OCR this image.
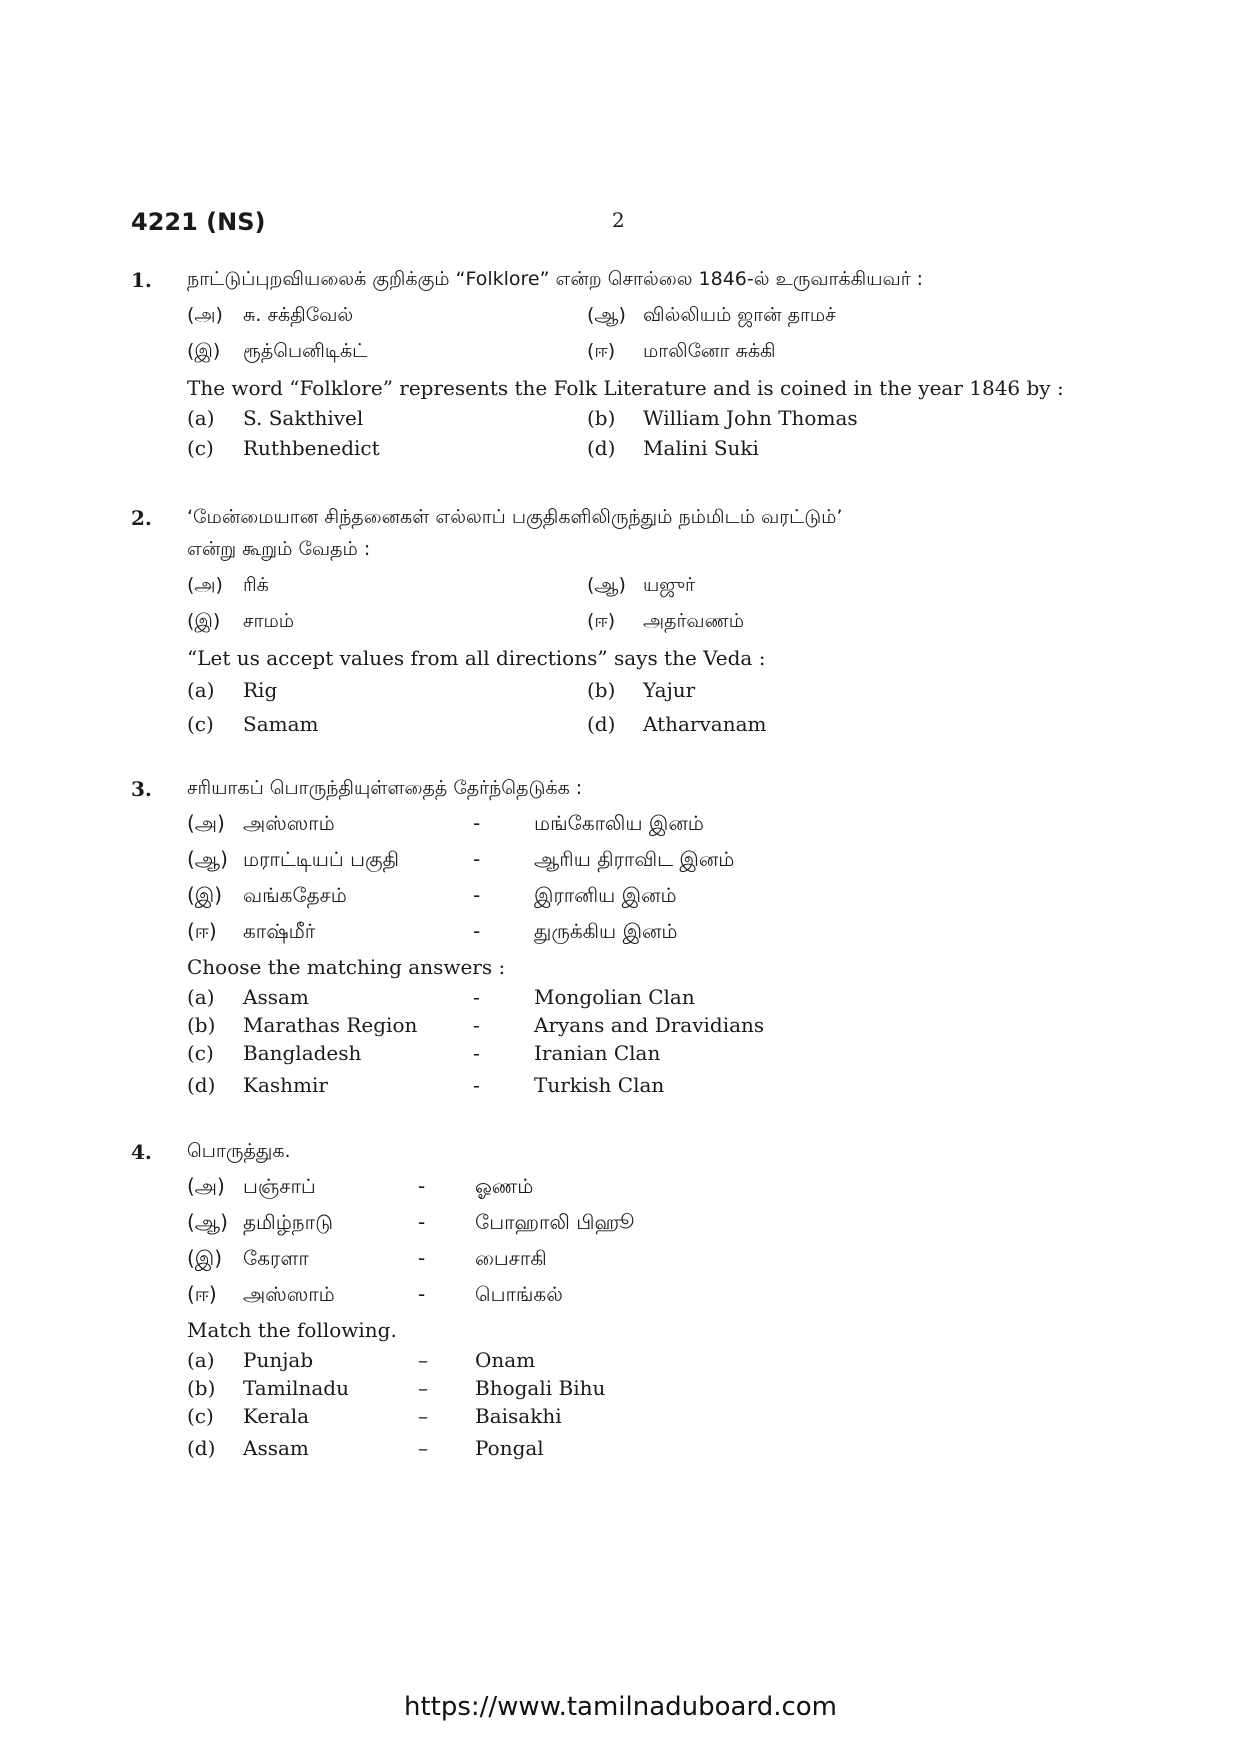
4221 (NS)	2
1. நாட்டுப்புறவியலைக் குறிக்கும் “Folklore” என்ற சொல்லை 1846-ல் உருவாக்கியவர் :
(அ) சு. சக்திவேல்	(ஆ) வில்லியம் ஜான் தாமச்
(இ) ரூத்பெனிடிக்ட்	(ஈ) மாலினோ சுக்கி
The word “Folklore” represents the Folk Literature and is coined in the year 1846 by :
(a) S. Sakthivel	(b) William John Thomas
(c) Ruthbenedict	(d) Malini Suki
2. ‘மேன்மையான சிந்தனைகள் எல்லாப் பகுதிகளிலிருந்தும் நம்மிடம் வரட்டும்’
என்று கூறும் வேதம் :
(அ) ரிக்	(ஆ) யஜுர்
(இ) சாமம்	(ஈ) அதர்வணம்
“Let us accept values from all directions” says the Veda :
(a) Rig	(b) Yajur
(c) Samam	(d) Atharvanam
3. சரியாகப் பொருந்தியுள்ளதைத் தேர்ந்தெடுக்க :
(அ) அஸ்ஸாம்	-	மங்கோலிய இனம்
(ஆ) மராட்டியப் பகுதி	-	ஆரிய திராவிட இனம்
(இ) வங்கதேசம்	-	இரானிய இனம்
(ஈ) காஷ்மீர்	-	துருக்கிய இனம்
Choose the matching answers :
(a) Assam	-	Mongolian Clan
(b) Marathas Region	-	Aryans and Dravidians
(c) Bangladesh	-	Iranian Clan
(d) Kashmir	-	Turkish Clan
4. பொருத்துக.
(அ) பஞ்சாப்	- ஓணம்
(ஆ) தமிழ்நாடு	- போஹாலி பிஹூ
(இ) கேரளா	- பைசாகி
(ஈ) அஸ்ஸாம்	- பொங்கல்
Match the following.
(a) Punjab	– Onam
(b) Tamilnadu	– Bhogali Bihu
(c) Kerala	– Baisakhi
(d) Assam	– Pongal
https://www.tamilnaduboard.com
